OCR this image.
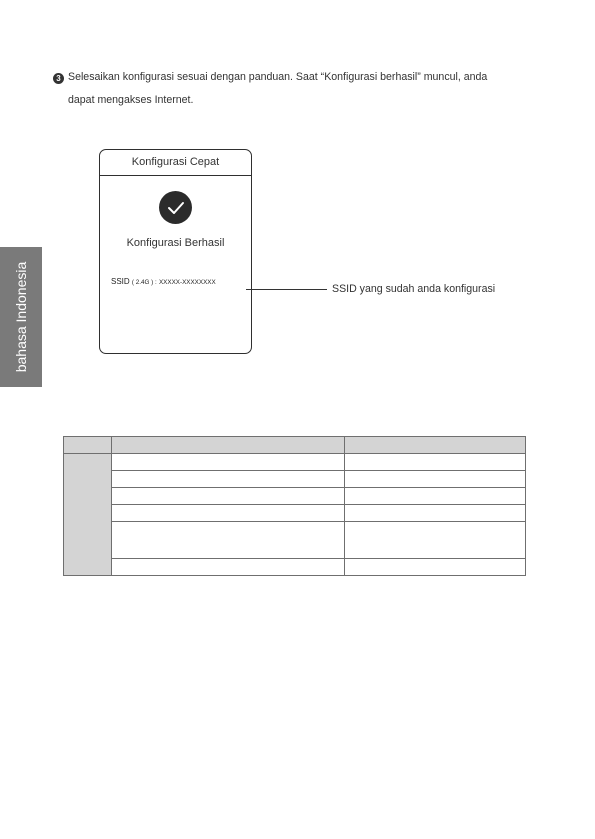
bahasa Indonesia
3 Selesaikan konfigurasi sesuai dengan panduan. Saat “Konfigurasi berhasil” muncul, anda
dapat mengakses Internet.
Konfigurasi Cepat
Konfigurasi Berhasil
SSID ( 2.4G ) : XXXXX-XXXXXXXX
SSID yang sudah anda konfigurasi
